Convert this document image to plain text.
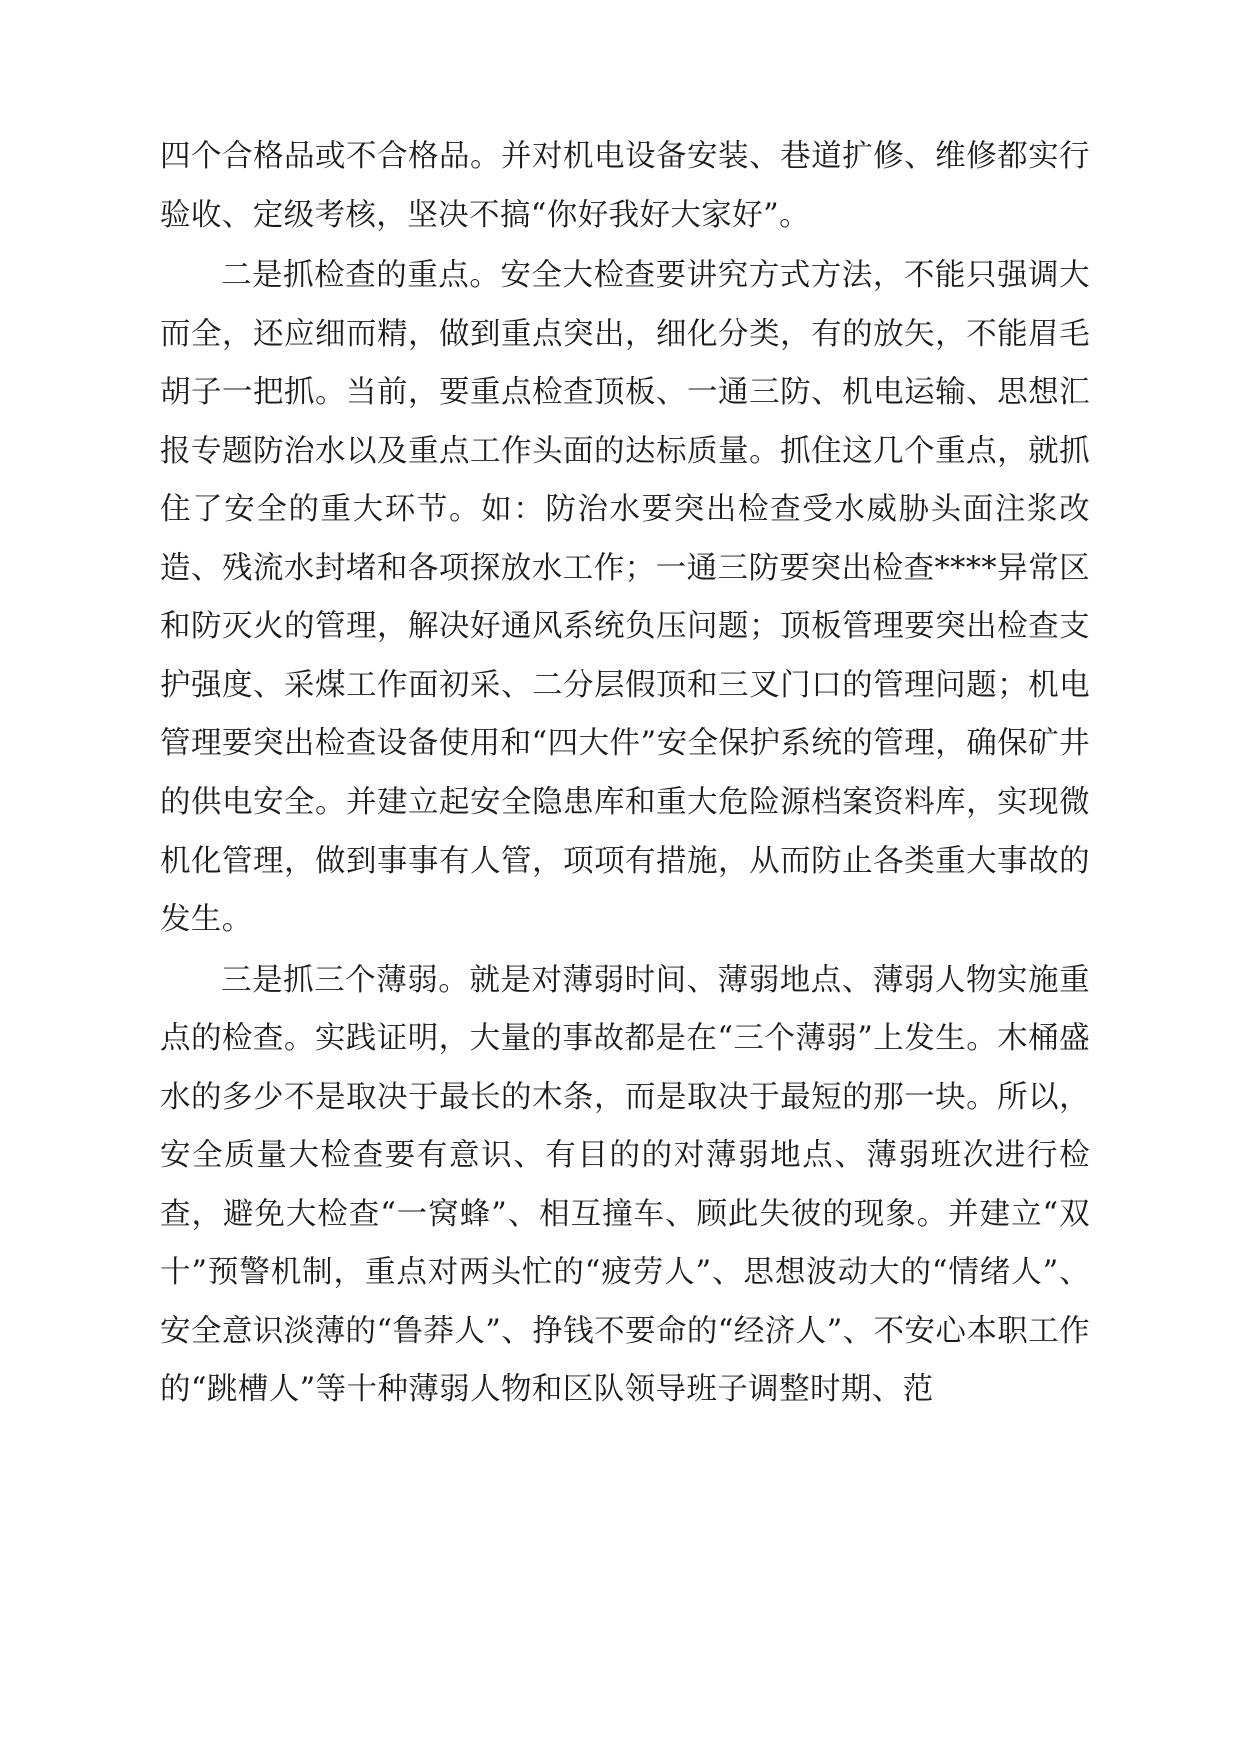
四个合格品或不合格品。并对机电设备安装、巷道扩修、维修都实行验收、定级考核，坚决不搞“你好我好大家好”。

二是抓检查的重点。安全大检查要讲究方式方法，不能只强调大而全，还应细而精，做到重点突出，细化分类，有的放矢，不能眉毛胡子一把抓。当前，要重点检查顶板、一通三防、机电运输、思想汇报专题防治水以及重点工作头面的达标质量。抓住这几个重点，就抓住了安全的重大环节。如：防治水要突出检查受水威胁头面注浆改造、残流水封堵和各项探放水工作；一通三防要突出检查****异常区和防灭火的管理，解决好通风系统负压问题；顶板管理要突出检查支护强度、采煤工作面初采、二分层假顶和三叉门口的管理问题；机电管理要突出检查设备使用和“四大件”安全保护系统的管理，确保矿井的供电安全。并建立起安全隐患库和重大危险源档案资料库，实现微机化管理，做到事事有人管，项项有措施，从而防止各类重大事故的发生。

三是抓三个薄弱。就是对薄弱时间、薄弱地点、薄弱人物实施重点的检查。实践证明，大量的事故都是在“三个薄弱”上发生。木桶盛水的多少不是取决于最长的木条，而是取决于最短的那一块。所以，安全质量大检查要有意识、有目的的对薄弱地点、薄弱班次进行检查，避免大检查“一窝蜂”、相互撞车、顾此失彼的现象。并建立“双十”预警机制，重点对两头忙的“疲劳人”、思想波动大的“情绪人”、安全意识淡薄的“鲁莽人”、挣钱不要命的“经济人”、不安心本职工作的“跳槽人”等十种薄弱人物和区队领导班子调整时期、范
